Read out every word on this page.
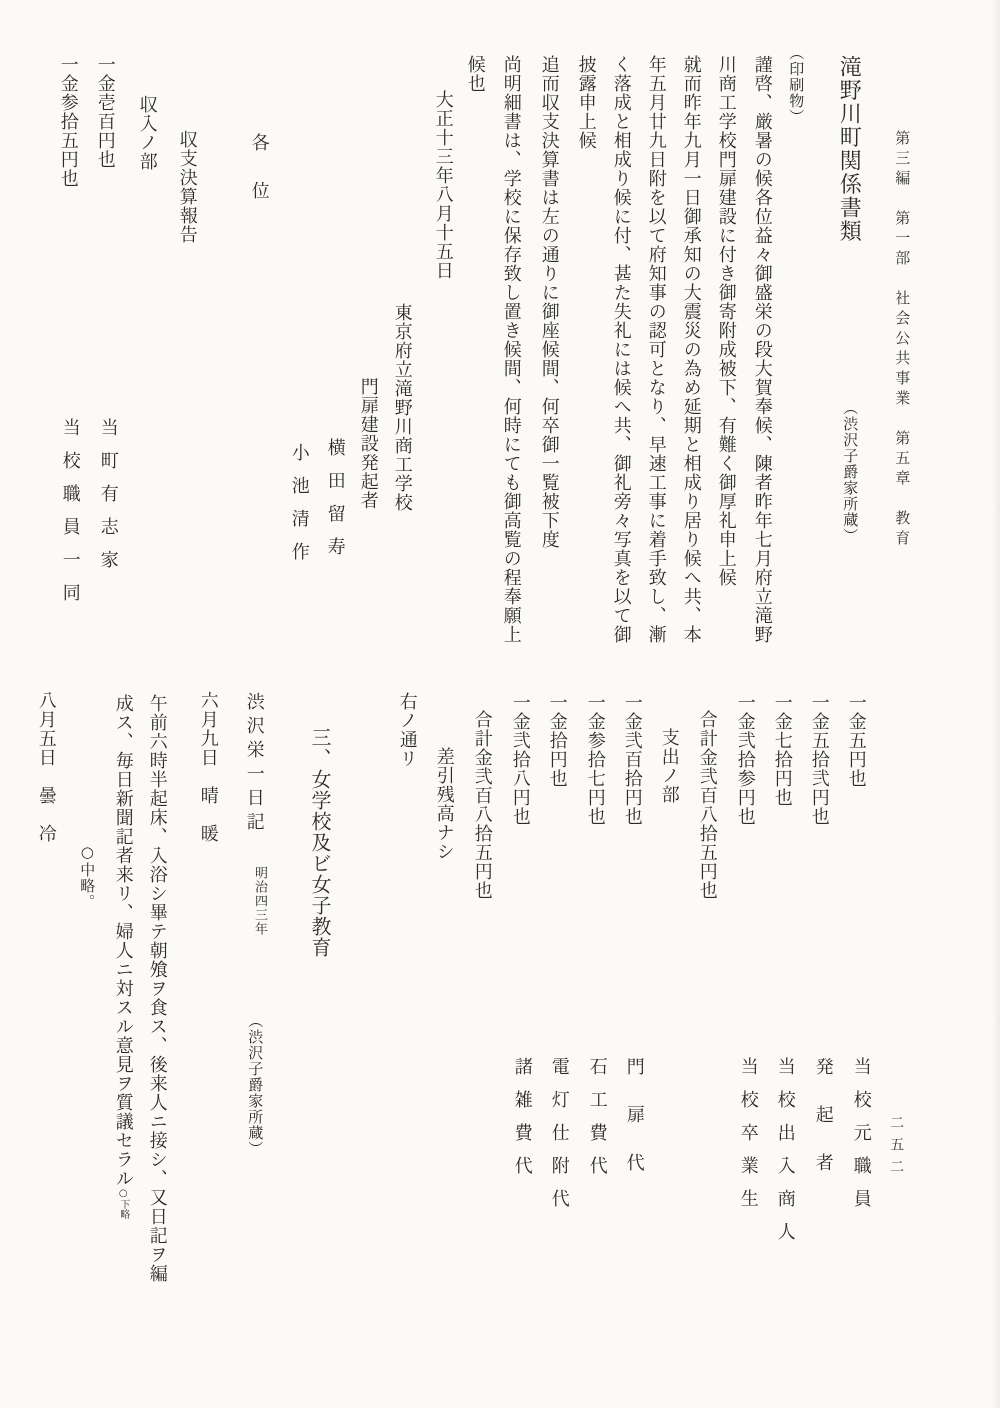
第三編　第一部　社会公共事業　第五章　教育
二五二
滝野川町関係書類
（渋沢子爵家所蔵）
（印刷物）
謹啓、厳暑の候各位益々御盛栄の段大賀奉候、陳者昨年七月府立滝野
川商工学校門扉建設に付き御寄附成被下、有難く御厚礼申上候
就而昨年九月一日御承知の大震災の為め延期と相成り居り候へ共、本
年五月廿九日附を以て府知事の認可となり、早速工事に着手致し、漸
く落成と相成り候に付、甚た失礼には候へ共、御礼旁々写真を以て御
披露申上候
追而収支決算書は左の通りに御座候間、何卒御一覧被下度
尚明細書は、学校に保存致し置き候間、何時にても御高覧の程奉願上
候也
大正十三年八月十五日
東京府立滝野川商工学校
門扉建設発起者
横田留寿
小池清作
各位
収支決算報告
収入ノ部
一金壱百円也
当町有志家
一金参拾五円也
当校職員一同
一金五円也
当校元職員
一金五拾弐円也
発起者
一金七拾円也
当校出入商人
一金弐拾参円也
当校卒業生
合計金弐百八拾五円也
支出ノ部
一金弐百拾円也
門扉代
一金参拾七円也
石工費代
一金拾円也
電灯仕附代
一金弐拾八円也
諸雑費代
合計金弐百八拾五円也
差引残高ナシ
右ノ通リ
三、女学校及ビ女子教育
渋沢栄一日記
明治四三年
（渋沢子爵家所蔵）
六月九日　晴　暖
午前六時半起床、入浴シ畢テ朝飧ヲ食ス、後来人ニ接シ、又日記ヲ編
成ス、毎日新聞記者来リ、婦人ニ対スル意見ヲ質議セラル○下略
○中略。
八月五日　曇　冷
